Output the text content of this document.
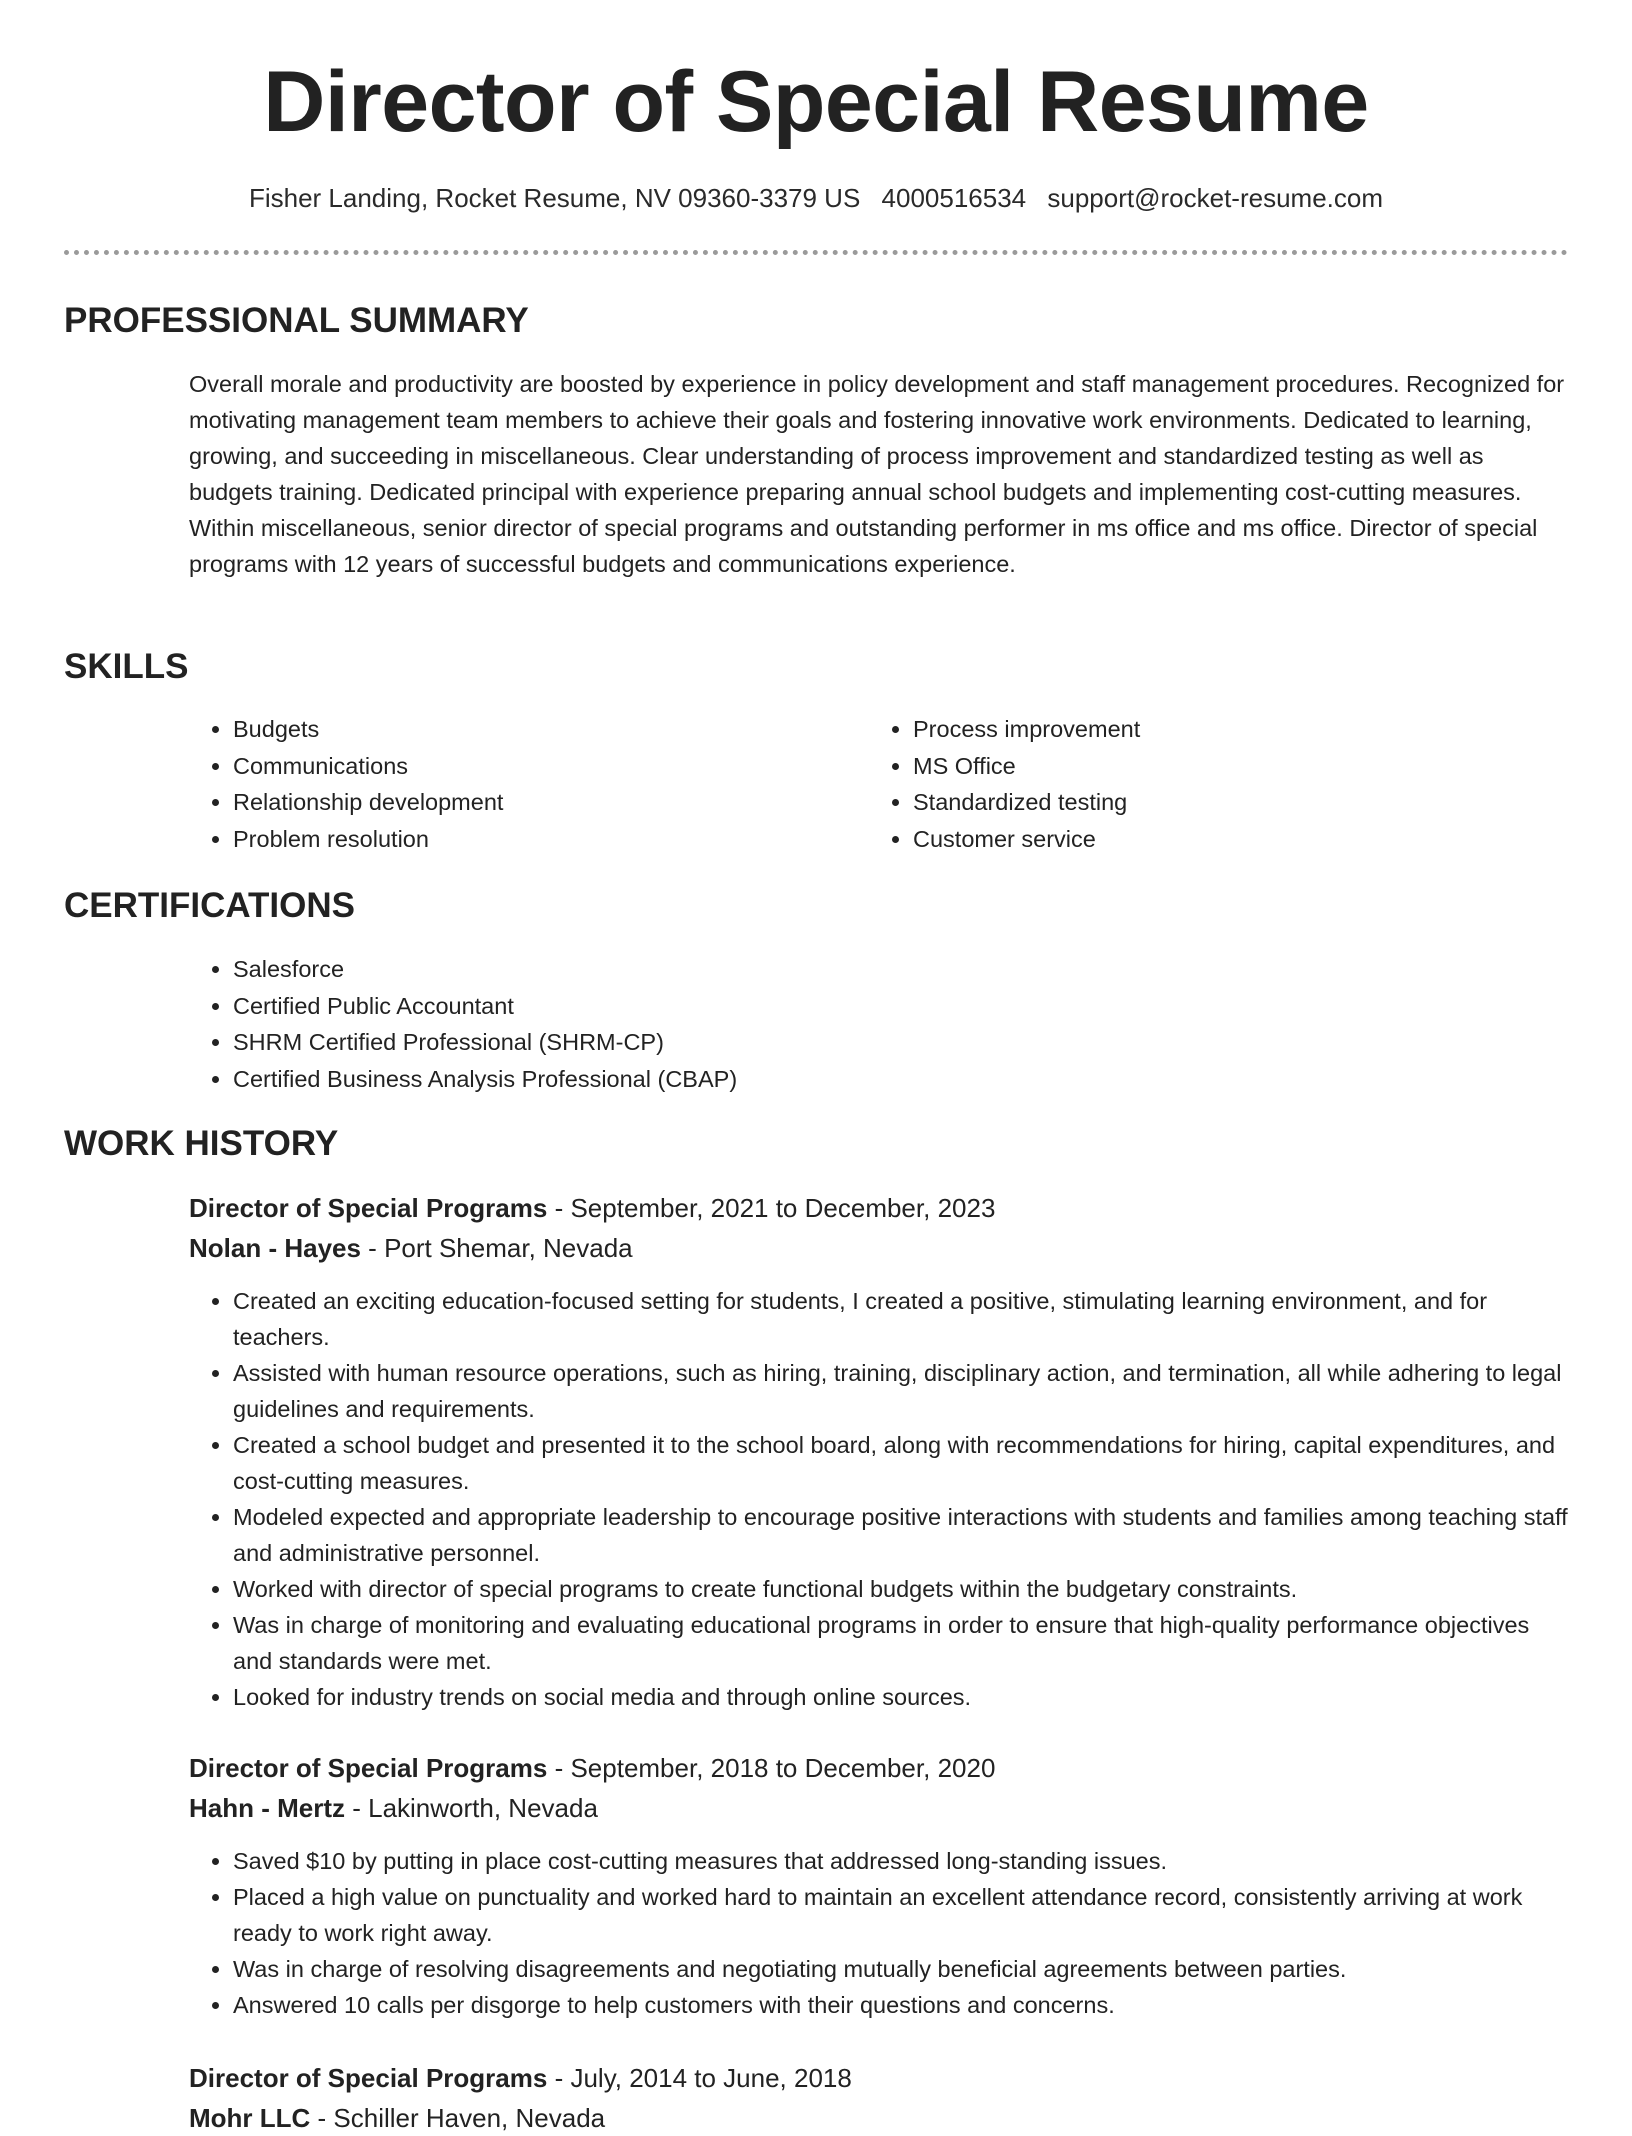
Director of Special Resume
Fisher Landing, Rocket Resume, NV 09360-3379 US 4000516534 support@rocket-resume.com
PROFESSIONAL SUMMARY

Overall morale and productivity are boosted by experience in policy development and staff management procedures. Recognized for motivating management team members to achieve their goals and fostering innovative work environments. Dedicated to learning, growing, and succeeding in miscellaneous. Clear understanding of process improvement and standardized testing as well as budgets training. Dedicated principal with experience preparing annual school budgets and implementing cost-cutting measures. Within miscellaneous, senior director of special programs and outstanding performer in ms office and ms office. Director of special programs with 12 years of successful budgets and communications experience.

SKILLS
• Budgets
• Communications
• Relationship development
• Problem resolution
• Process improvement
• MS Office
• Standardized testing
• Customer service
CERTIFICATIONS
• Salesforce
• Certified Public Accountant
• SHRM Certified Professional (SHRM-CP)
• Certified Business Analysis Professional (CBAP)
WORK HISTORY
Director of Special Programs - September, 2021 to December, 2023
Nolan - Hayes - Port Shemar, Nevada
• Created an exciting education-focused setting for students, I created a positive, stimulating learning environment, and for teachers.
• Assisted with human resource operations, such as hiring, training, disciplinary action, and termination, all while adhering to legal guidelines and requirements.
• Created a school budget and presented it to the school board, along with recommendations for hiring, capital expenditures, and cost-cutting measures.
• Modeled expected and appropriate leadership to encourage positive interactions with students and families among teaching staff and administrative personnel.
• Worked with director of special programs to create functional budgets within the budgetary constraints.
• Was in charge of monitoring and evaluating educational programs in order to ensure that high-quality performance objectives and standards were met.
• Looked for industry trends on social media and through online sources.
Director of Special Programs - September, 2018 to December, 2020
Hahn - Mertz - Lakinworth, Nevada
• Saved $10 by putting in place cost-cutting measures that addressed long-standing issues.
• Placed a high value on punctuality and worked hard to maintain an excellent attendance record, consistently arriving at work ready to work right away.
• Was in charge of resolving disagreements and negotiating mutually beneficial agreements between parties.
• Answered 10 calls per disgorge to help customers with their questions and concerns.
Director of Special Programs - July, 2014 to June, 2018
Mohr LLC - Schiller Haven, Nevada
